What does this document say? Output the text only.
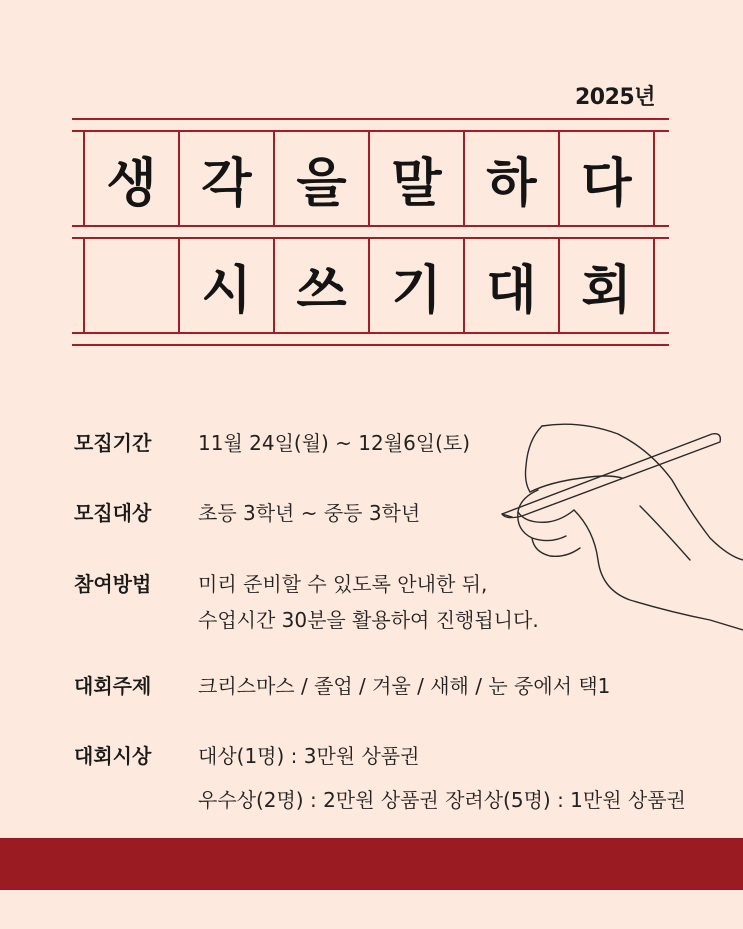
2025년
생 각 을 말 하 다
시 쓰 기 대 회
모집기간 11월 24일(월) ~ 12월6일(토)
모집대상 초등 3학년 ~ 중등 3학년
참여방법 미리 준비할 수 있도록 안내한 뒤,
수업시간 30분을 활용하여 진행됩니다.
대회주제 크리스마스 / 졸업 / 겨울 / 새해 / 눈 중에서 택1
대회시상 대상(1명) : 3만원 상품권
우수상(2명) : 2만원 상품권 장려상(5명) : 1만원 상품권
